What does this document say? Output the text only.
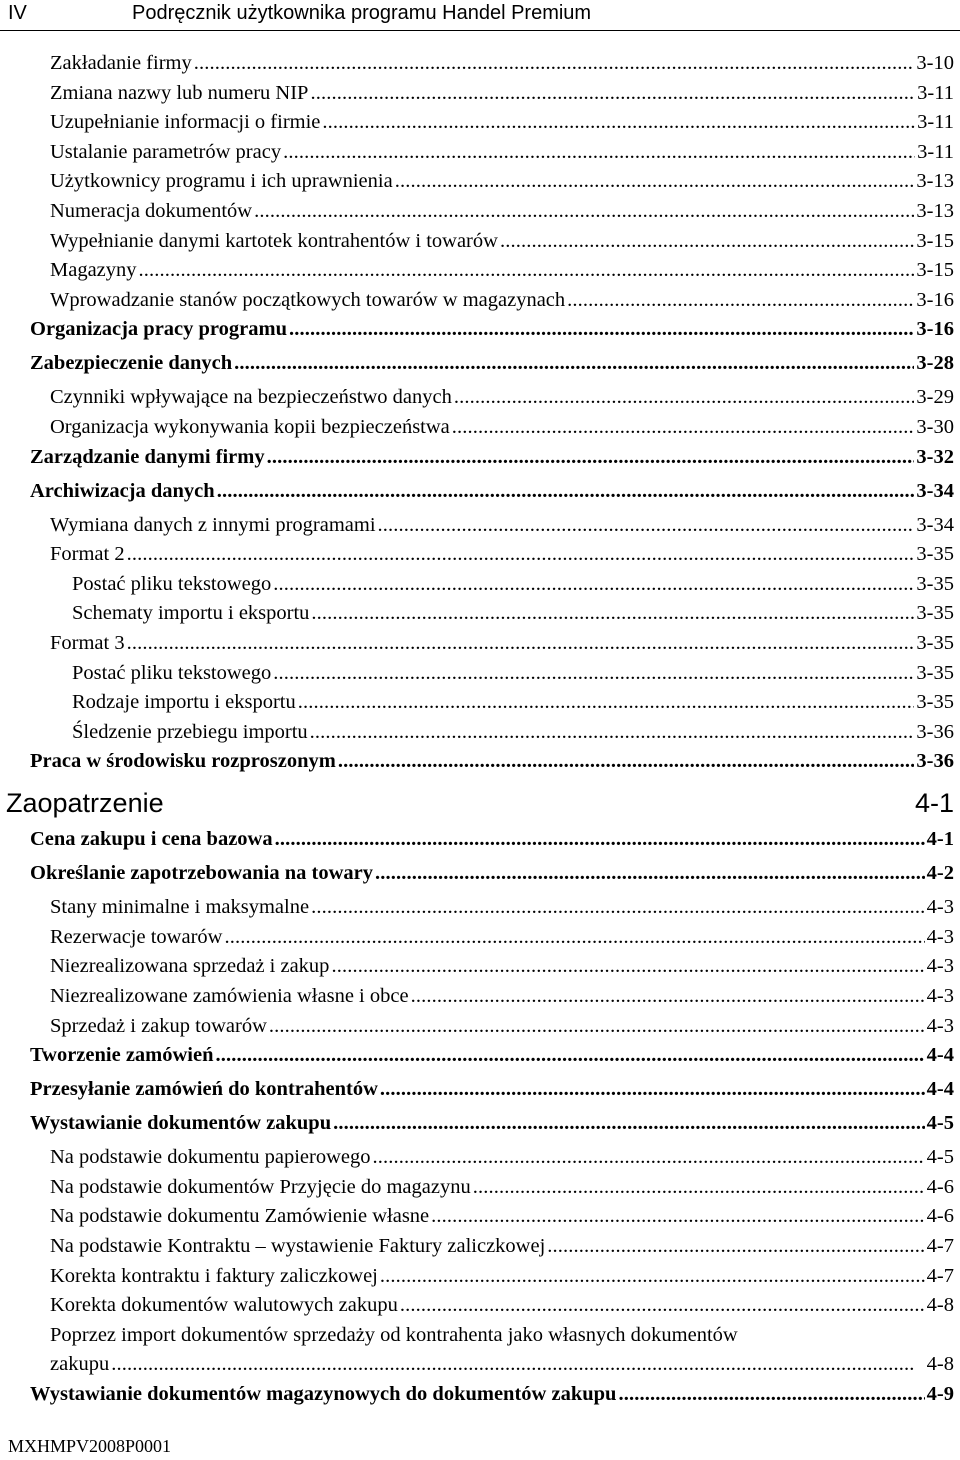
IV	Podręcznik użytkownika programu Handel Premium
Zakładanie firmy . . .	3-10
Zmiana nazwy lub numeru NIP . . .	3-11
Uzupełnianie informacji o firmie . . .	3-11
Ustalanie parametrów pracy . . .	3-11
Użytkownicy programu i ich uprawnienia . . .	3-13
Numeracja dokumentów . . .	3-13
Wypełnianie danymi kartotek kontrahentów i towarów . . .	3-15
Magazyny . . .	3-15
Wprowadzanie stanów początkowych towarów w magazynach . . .	3-16
Organizacja pracy programu . . .	3-16
Zabezpieczenie danych . . .	3-28
Czynniki wpływające na bezpieczeństwo danych . . .	3-29
Organizacja wykonywania kopii bezpieczeństwa . . .	3-30
Zarządzanie danymi firmy . . .	3-32
Archiwizacja danych . . .	3-34
Wymiana danych z innymi programami . . .	3-34
Format 2 . . .	3-35
Postać pliku tekstowego . . .	3-35
Schematy importu i eksportu . . .	3-35
Format 3 . . .	3-35
Postać pliku tekstowego . . .	3-35
Rodzaje importu i eksportu . . .	3-35
Śledzenie przebiegu importu . . .	3-36
Praca w środowisku rozproszonym . . .	3-36
Zaopatrzenie	4-1
Cena zakupu i cena bazowa . . .	4-1
Określanie zapotrzebowania na towary . . .	4-2
Stany minimalne i maksymalne . . .	4-3
Rezerwacje towarów . . .	4-3
Niezrealizowana sprzedaż i zakup . . .	4-3
Niezrealizowane zamówienia własne i obce . . .	4-3
Sprzedaż i zakup towarów . . .	4-3
Tworzenie zamówień . . .	4-4
Przesyłanie zamówień do kontrahentów . . .	4-4
Wystawianie dokumentów zakupu . . .	4-5
Na podstawie dokumentu papierowego . . .	4-5
Na podstawie dokumentów Przyjęcie do magazynu . . .	4-6
Na podstawie dokumentu Zamówienie własne . . .	4-6
Na podstawie Kontraktu – wystawienie Faktury zaliczkowej . . .	4-7
Korekta kontraktu i faktury zaliczkowej . . .	4-7
Korekta dokumentów walutowych zakupu . . .	4-8
Poprzez import dokumentów sprzedaży od kontrahenta jako własnych dokumentów
zakupu . . .	4-8
Wystawianie dokumentów magazynowych do dokumentów zakupu . . .	4-9
MXHMPV2008P0001
